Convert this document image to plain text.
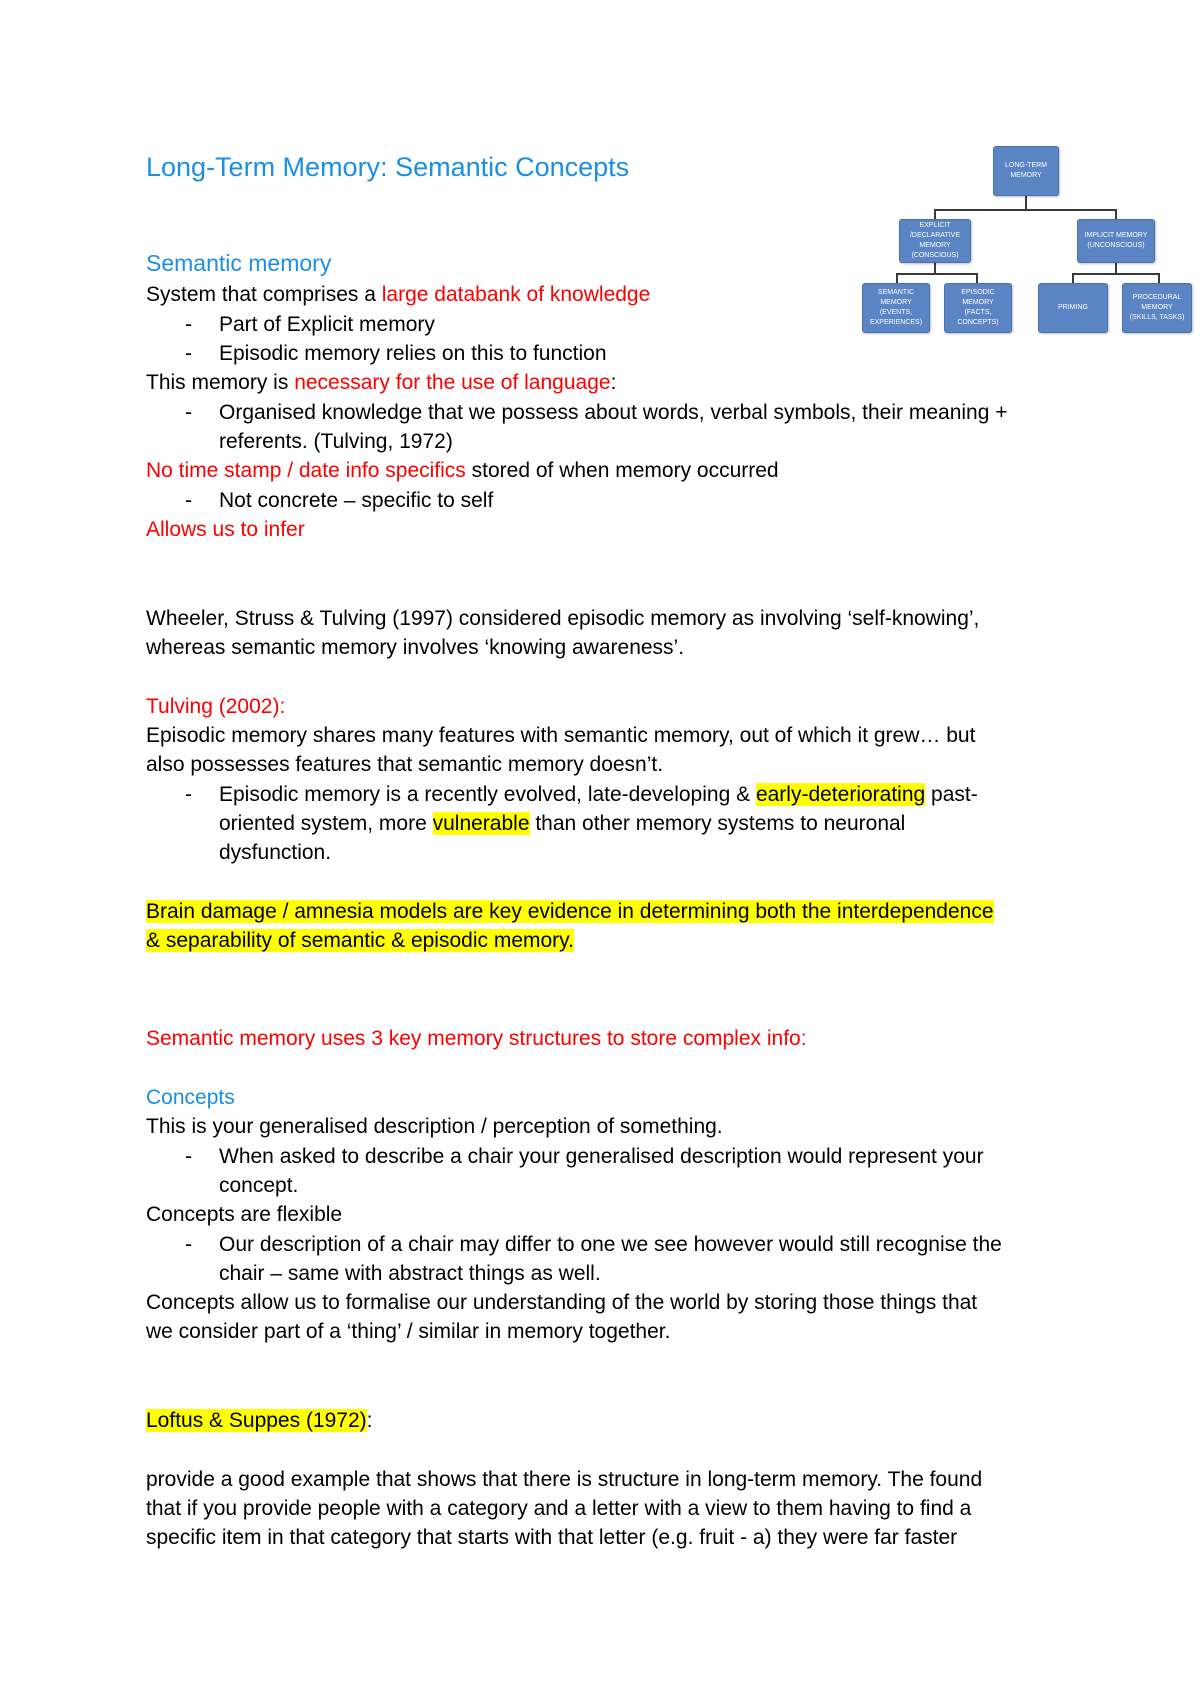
Long-Term Memory: Semantic Concepts
Semantic memory
System that comprises a large databank of knowledge
- Part of Explicit memory
- Episodic memory relies on this to function
This memory is necessary for the use of language:
- Organised knowledge that we possess about words, verbal symbols, their meaning +
referents. (Tulving, 1972)
No time stamp / date info specifics stored of when memory occurred
- Not concrete – specific to self
Allows us to infer
Wheeler, Struss & Tulving (1997) considered episodic memory as involving ‘self-knowing’,
whereas semantic memory involves ‘knowing awareness’.
Tulving (2002):
Episodic memory shares many features with semantic memory, out of which it grew… but
also possesses features that semantic memory doesn’t.
- Episodic memory is a recently evolved, late-developing & early-deteriorating past-
oriented system, more vulnerable than other memory systems to neuronal
dysfunction.
Brain damage / amnesia models are key evidence in determining both the interdependence
& separability of semantic & episodic memory.
Semantic memory uses 3 key memory structures to store complex info:
Concepts
This is your generalised description / perception of something.
- When asked to describe a chair your generalised description would represent your
concept.
Concepts are flexible
- Our description of a chair may differ to one we see however would still recognise the
chair – same with abstract things as well.
Concepts allow us to formalise our understanding of the world by storing those things that
we consider part of a ‘thing’ / similar in memory together.
Loftus & Suppes (1972):
provide a good example that shows that there is structure in long-term memory. The found
that if you provide people with a category and a letter with a view to them having to find a
specific item in that category that starts with that letter (e.g. fruit - a) they were far faster
LONG-TERM
MEMORY
EXPLICIT
/DECLARATIVE
MEMORY
(CONSCIOUS)
IMPLICIT MEMORY
(UNCONSCIOUS)
SEMANTIC
MEMORY
(EVENTS,
EXPERIENCES)
EPISODIC MEMORY
(FACTS, CONCEPTS)
PRIMING
PROCEDURAL
MEMORY
(SKILLS, TASKS)
